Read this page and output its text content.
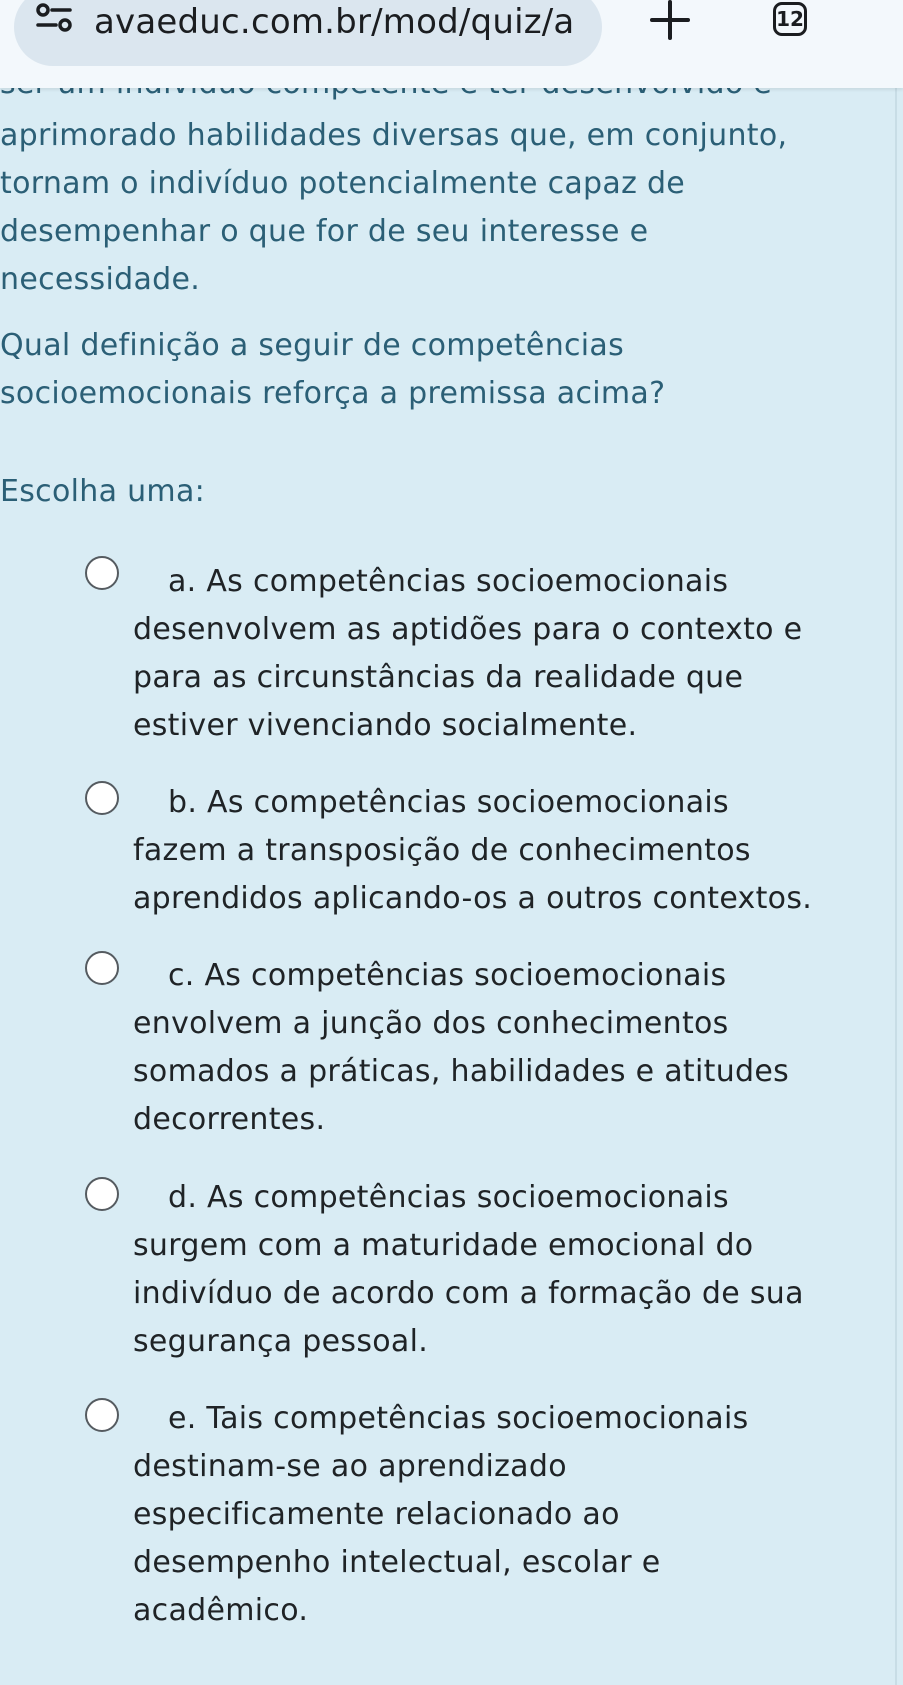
aprimorado habilidades diversas que, em conjunto,
tornam o indivíduo potencialmente capaz de
desempenhar o que for de seu interesse e
necessidade.
Qual definição a seguir de competências
socioemocionais reforça a premissa acima?
Escolha uma:
a. As competências socioemocionais
desenvolvem as aptidões para o contexto e
para as circunstâncias da realidade que
estiver vivenciando socialmente.
b. As competências socioemocionais
fazem a transposição de conhecimentos
aprendidos aplicando-os a outros contextos.
c. As competências socioemocionais
envolvem a junção dos conhecimentos
somados a práticas, habilidades e atitudes
decorrentes.
d. As competências socioemocionais
surgem com a maturidade emocional do
indivíduo de acordo com a formação de sua
segurança pessoal.
e. Tais competências socioemocionais
destinam-se ao aprendizado
especificamente relacionado ao
desempenho intelectual, escolar e
acadêmico.
avaeduc.com.br/mod/quiz/a	12
